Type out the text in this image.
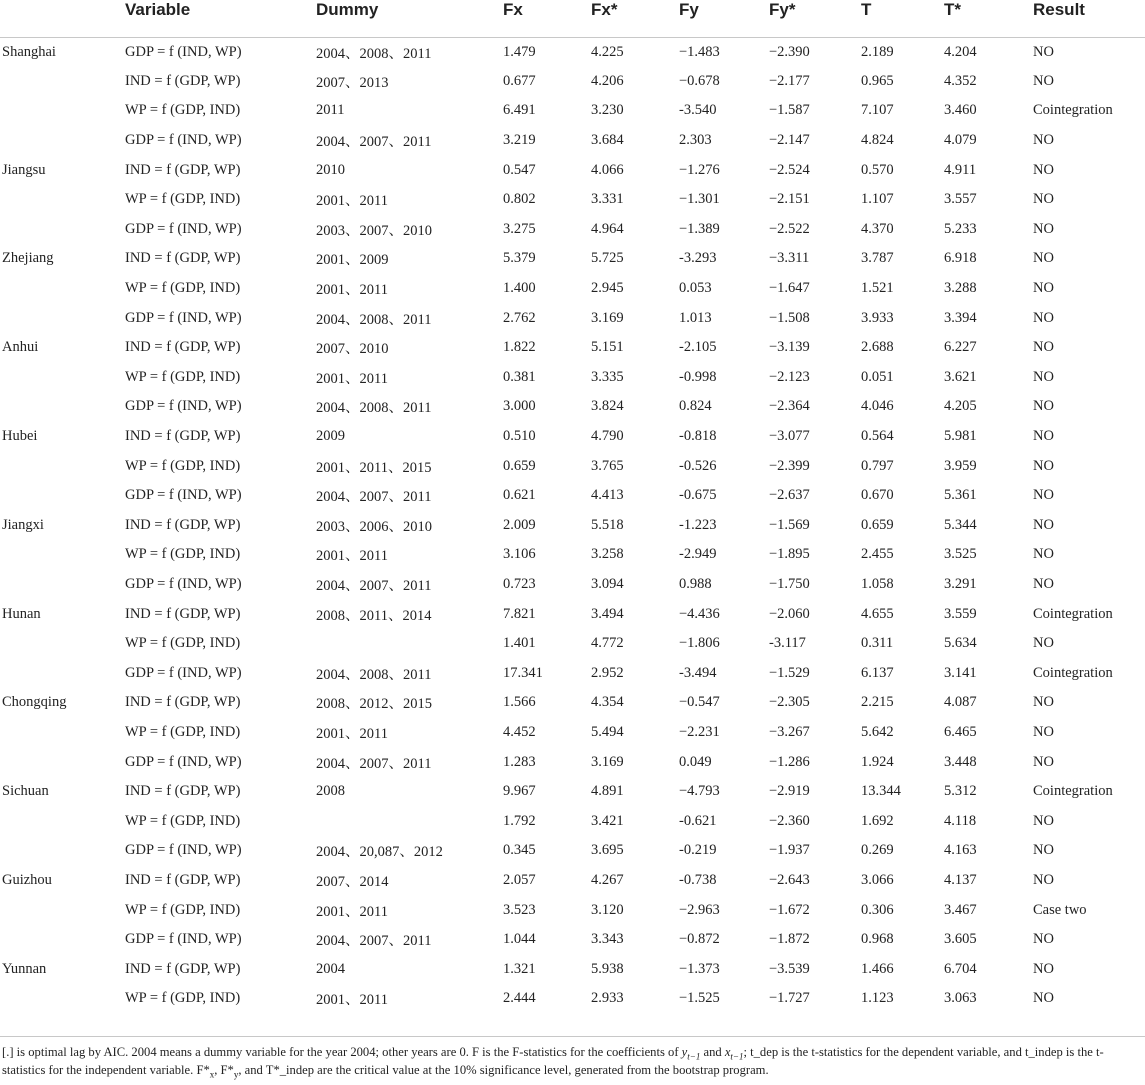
	Variable	Dummy	Fx	Fx*	Fy	Fy*	T	T*	Result
Shanghai	GDP = f (IND, WP)	2004、2008、2011	1.479	4.225	−1.483	−2.390	2.189	4.204	NO
	IND = f (GDP, WP)	2007、2013	0.677	4.206	−0.678	−2.177	0.965	4.352	NO
	WP = f (GDP, IND)	2011	6.491	3.230	-3.540	−1.587	7.107	3.460	Cointegration
	GDP = f (IND, WP)	2004、2007、2011	3.219	3.684	2.303	−2.147	4.824	4.079	NO
Jiangsu	IND = f (GDP, WP)	2010	0.547	4.066	−1.276	−2.524	0.570	4.911	NO
	WP = f (GDP, IND)	2001、2011	0.802	3.331	−1.301	−2.151	1.107	3.557	NO
	GDP = f (IND, WP)	2003、2007、2010	3.275	4.964	−1.389	−2.522	4.370	5.233	NO
Zhejiang	IND = f (GDP, WP)	2001、2009	5.379	5.725	-3.293	−3.311	3.787	6.918	NO
	WP = f (GDP, IND)	2001、2011	1.400	2.945	0.053	−1.647	1.521	3.288	NO
	GDP = f (IND, WP)	2004、2008、2011	2.762	3.169	1.013	−1.508	3.933	3.394	NO
Anhui	IND = f (GDP, WP)	2007、2010	1.822	5.151	-2.105	−3.139	2.688	6.227	NO
	WP = f (GDP, IND)	2001、2011	0.381	3.335	-0.998	−2.123	0.051	3.621	NO
	GDP = f (IND, WP)	2004、2008、2011	3.000	3.824	0.824	−2.364	4.046	4.205	NO
Hubei	IND = f (GDP, WP)	2009	0.510	4.790	-0.818	−3.077	0.564	5.981	NO
	WP = f (GDP, IND)	2001、2011、2015	0.659	3.765	-0.526	−2.399	0.797	3.959	NO
	GDP = f (IND, WP)	2004、2007、2011	0.621	4.413	-0.675	−2.637	0.670	5.361	NO
Jiangxi	IND = f (GDP, WP)	2003、2006、2010	2.009	5.518	-1.223	−1.569	0.659	5.344	NO
	WP = f (GDP, IND)	2001、2011	3.106	3.258	-2.949	−1.895	2.455	3.525	NO
	GDP = f (IND, WP)	2004、2007、2011	0.723	3.094	0.988	−1.750	1.058	3.291	NO
Hunan	IND = f (GDP, WP)	2008、2011、2014	7.821	3.494	−4.436	−2.060	4.655	3.559	Cointegration
	WP = f (GDP, IND)		1.401	4.772	−1.806	-3.117	0.311	5.634	NO
	GDP = f (IND, WP)	2004、2008、2011	17.341	2.952	-3.494	−1.529	6.137	3.141	Cointegration
Chongqing	IND = f (GDP, WP)	2008、2012、2015	1.566	4.354	−0.547	−2.305	2.215	4.087	NO
	WP = f (GDP, IND)	2001、2011	4.452	5.494	−2.231	−3.267	5.642	6.465	NO
	GDP = f (IND, WP)	2004、2007、2011	1.283	3.169	0.049	−1.286	1.924	3.448	NO
Sichuan	IND = f (GDP, WP)	2008	9.967	4.891	−4.793	−2.919	13.344	5.312	Cointegration
	WP = f (GDP, IND)		1.792	3.421	-0.621	−2.360	1.692	4.118	NO
	GDP = f (IND, WP)	2004、20,087、2012	0.345	3.695	-0.219	−1.937	0.269	4.163	NO
Guizhou	IND = f (GDP, WP)	2007、2014	2.057	4.267	-0.738	−2.643	3.066	4.137	NO
	WP = f (GDP, IND)	2001、2011	3.523	3.120	−2.963	−1.672	0.306	3.467	Case two
	GDP = f (IND, WP)	2004、2007、2011	1.044	3.343	−0.872	−1.872	0.968	3.605	NO
Yunnan	IND = f (GDP, WP)	2004	1.321	5.938	−1.373	−3.539	1.466	6.704	NO
	WP = f (GDP, IND)	2001、2011	2.444	2.933	−1.525	−1.727	1.123	3.063	NO
[.] is optimal lag by AIC. 2004 means a dummy variable for the year 2004; other years are 0. F is the F-statistics for the coefficients of $y_{t-1}$ and $x_{t-1}$; t_dep is the t-statistics for the dependent variable, and t_indep is the t-statistics for the independent variable. $F*_x$, $F*_y$, and T*_indep are the critical value at the 10% significance level, generated from the bootstrap program.
